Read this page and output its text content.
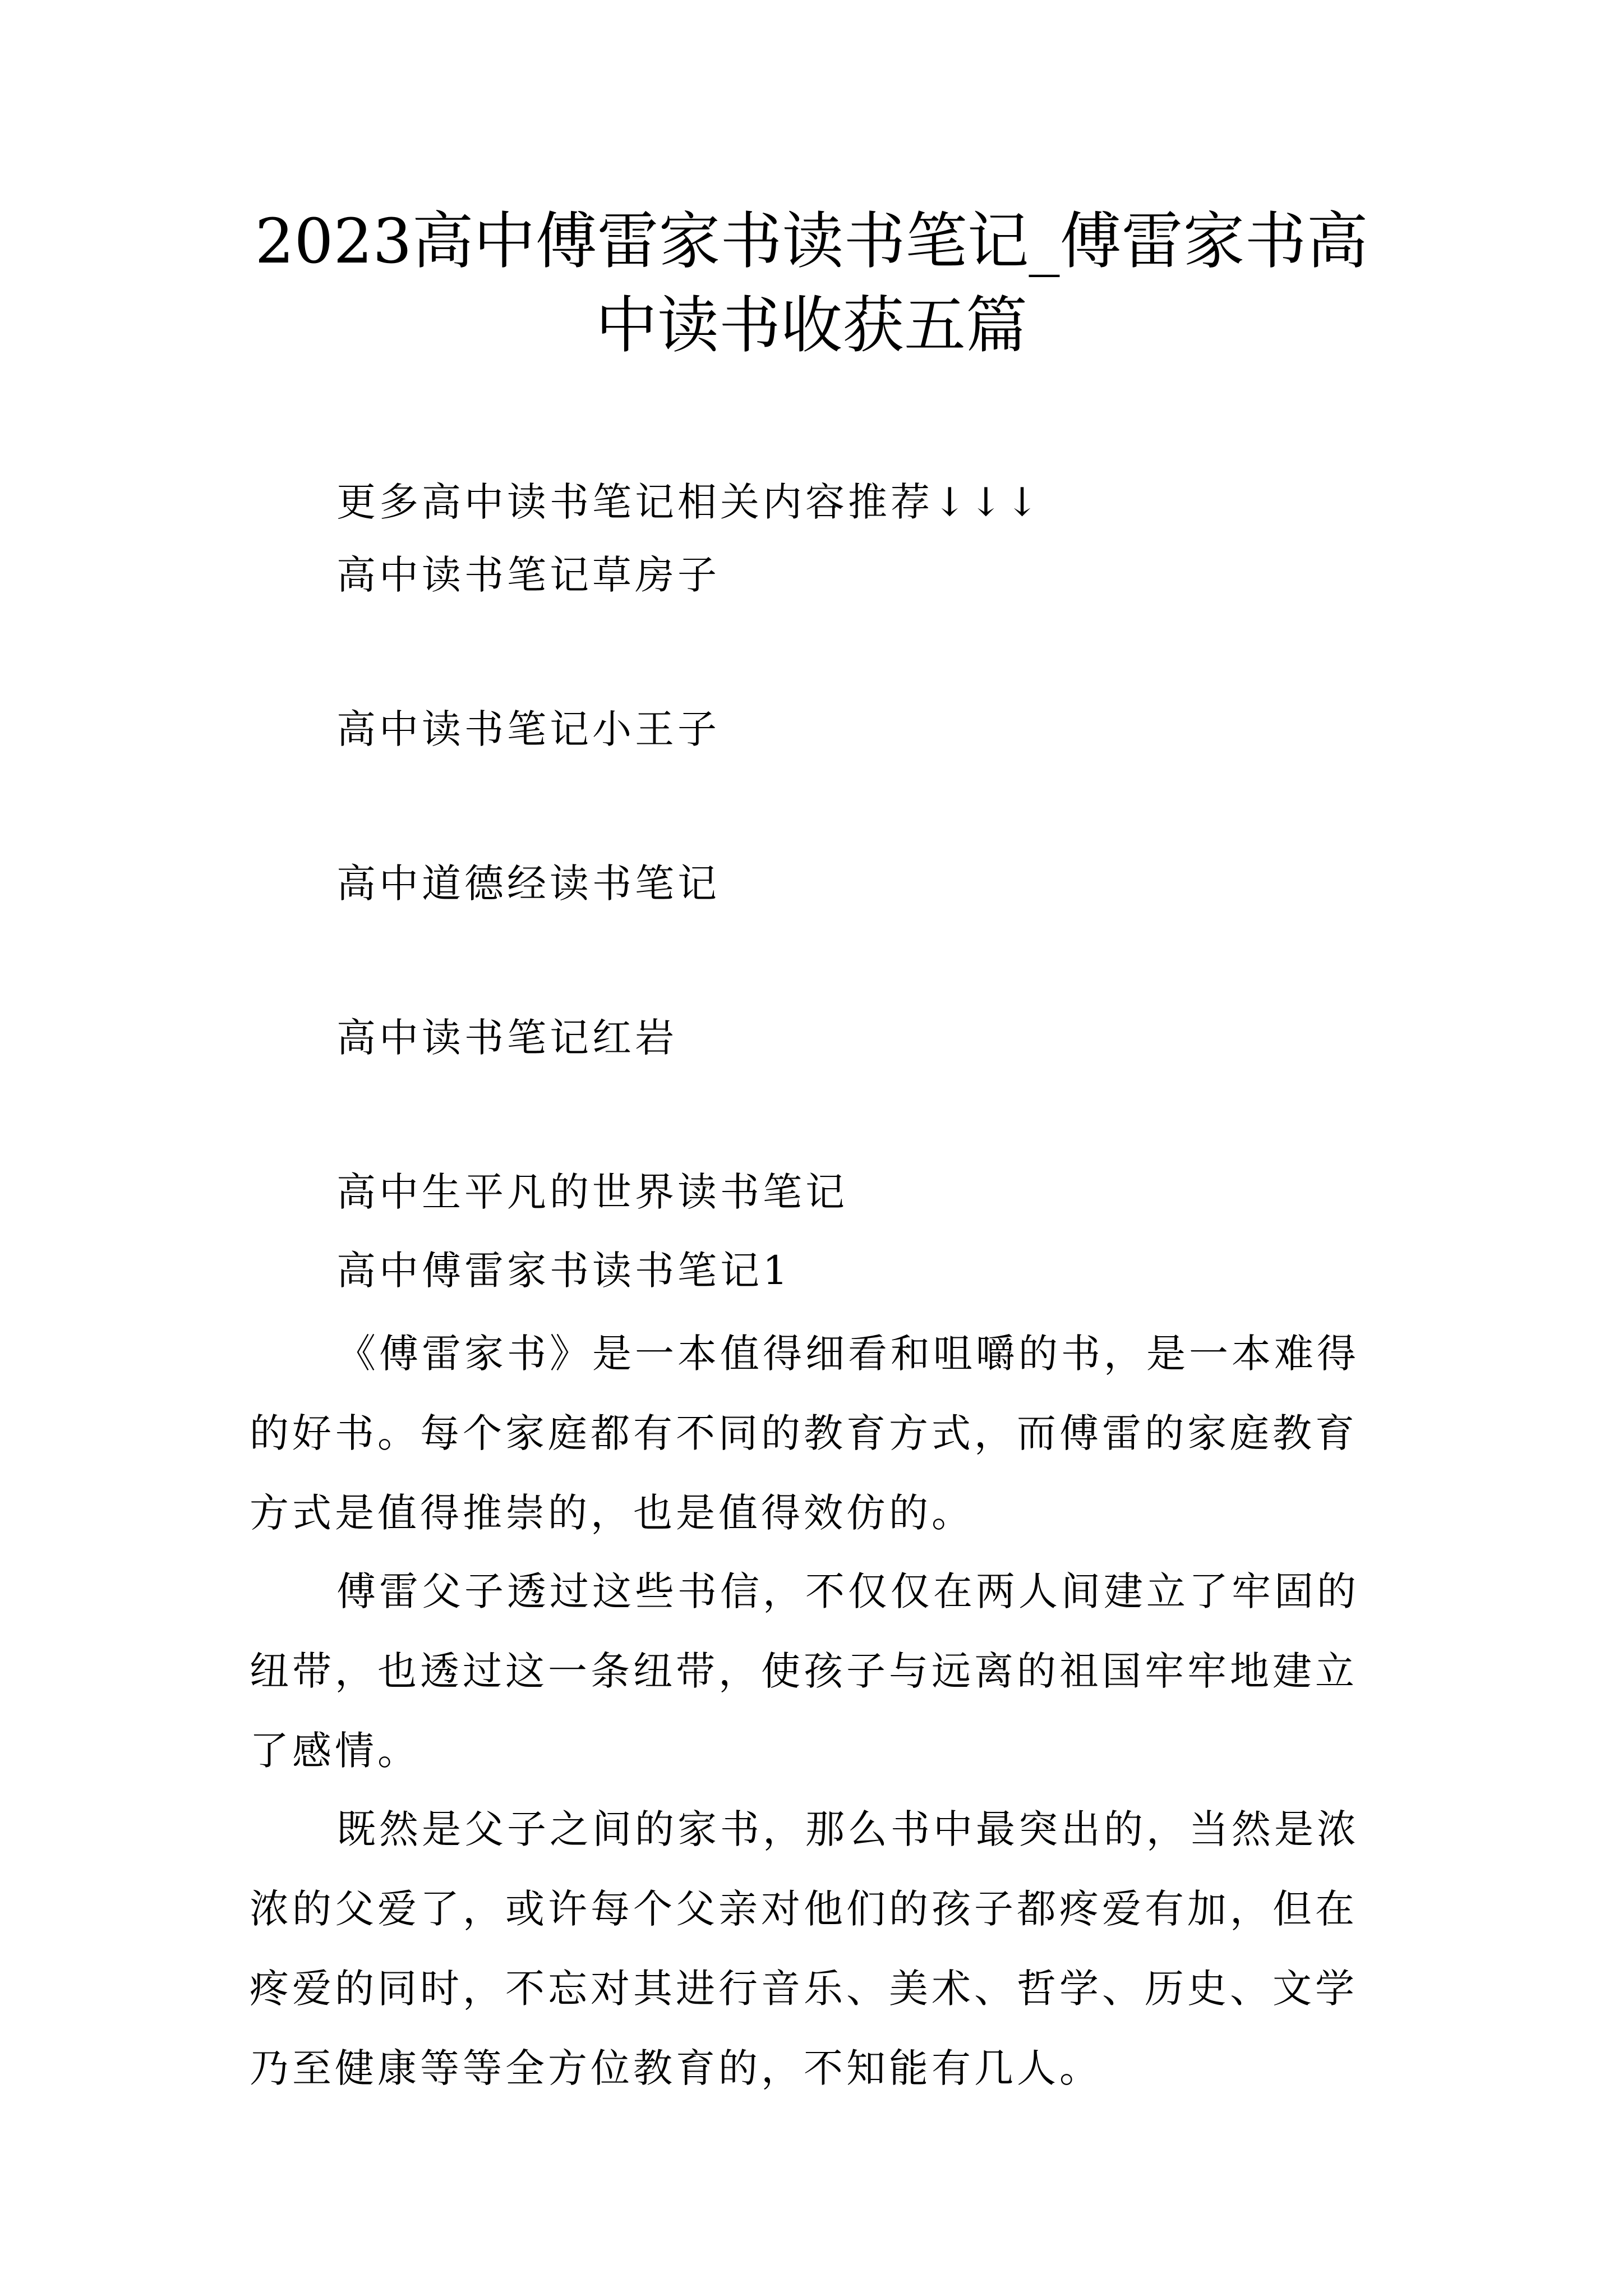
2023高中傅雷家书读书笔记_傅雷家书高中读书收获五篇
更多高中读书笔记相关内容推荐↓↓↓
高中读书笔记草房子
高中读书笔记小王子
高中道德经读书笔记
高中读书笔记红岩
高中生平凡的世界读书笔记
高中傅雷家书读书笔记1

《傅雷家书》是一本值得细看和咀嚼的书，是一本难得的好书。每个家庭都有不同的教育方式，而傅雷的家庭教育方式是值得推崇的，也是值得效仿的。

傅雷父子透过这些书信，不仅仅在两人间建立了牢固的纽带，也透过这一条纽带，使孩子与远离的祖国牢牢地建立了感情。

既然是父子之间的家书，那么书中最突出的，当然是浓浓的父爱了，或许每个父亲对他们的孩子都疼爱有加，但在疼爱的同时，不忘对其进行音乐、美术、哲学、历史、文学乃至健康等等全方位教育的，不知能有几人。
